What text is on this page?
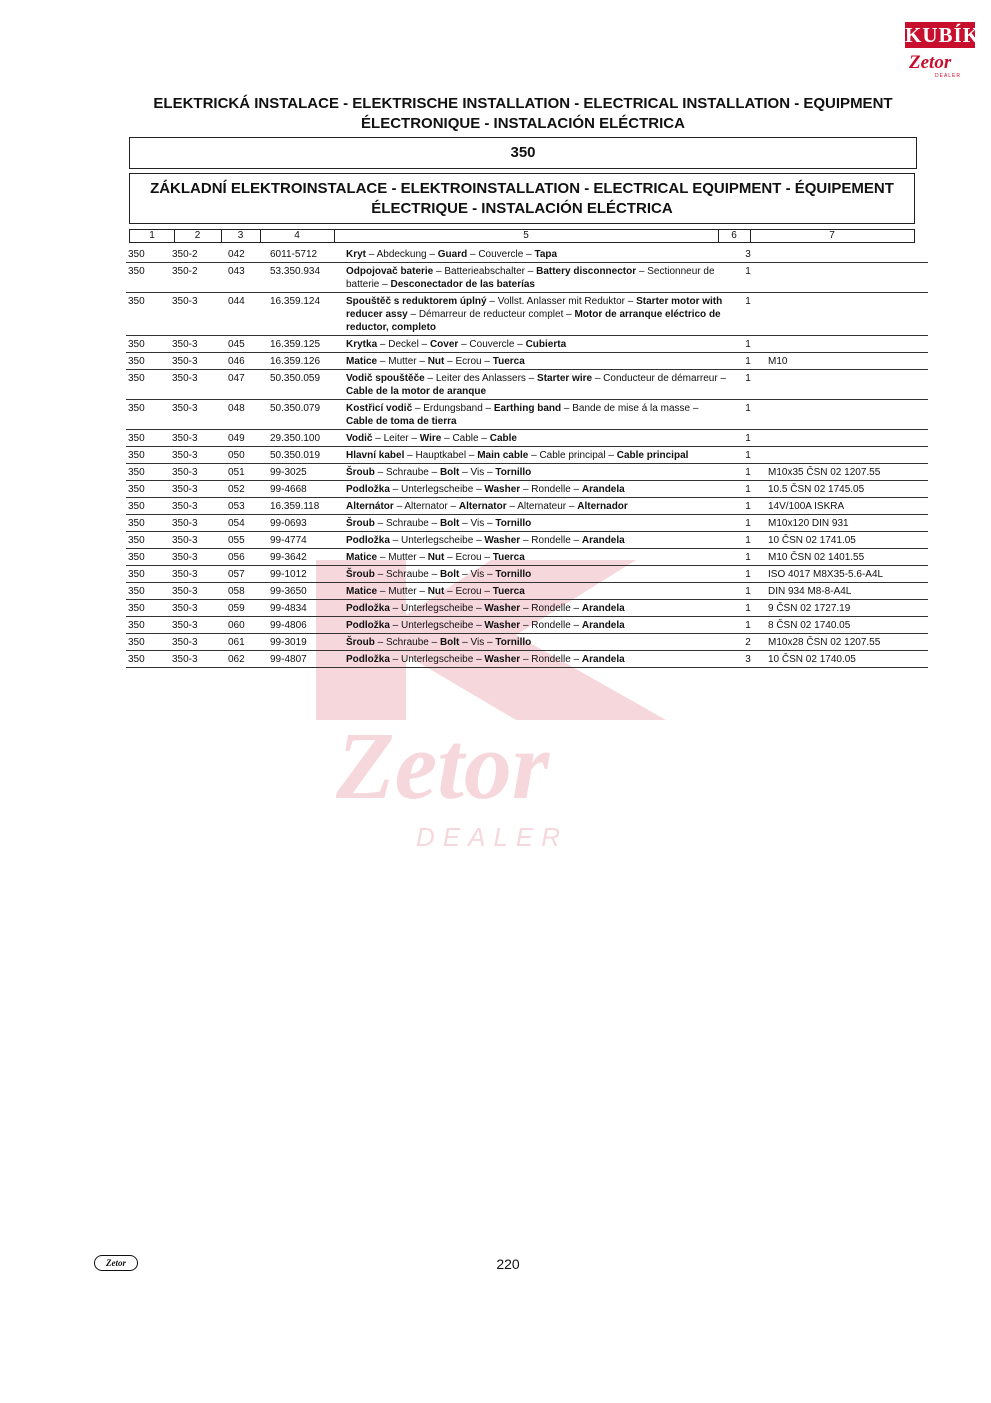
KUBÍK
Zetor
DEALER
Zetor
DEALER
ELEKTRICKÁ INSTALACE - ELEKTRISCHE INSTALLATION - ELECTRICAL INSTALLATION - EQUIPMENT
ÉLECTRONIQUE - INSTALACIÓN ELÉCTRICA
350
ZÁKLADNÍ ELEKTROINSTALACE - ELEKTROINSTALLATION - ELECTRICAL EQUIPMENT - ÉQUIPEMENT
ÉLECTRIQUE - INSTALACIÓN ELÉCTRICA
1	2	3	4	5	6	7
350	350-2	042	6011-5712	Kryt – Abdeckung – Guard – Couvercle – Tapa	3	
350	350-2	043	53.350.934	Odpojovač baterie – Batterieabschalter – Battery disconnector – Sectionneur de batterie – Desconectador de las baterías	1	
350	350-3	044	16.359.124	Spouštěč s reduktorem úplný – Vollst. Anlasser mit Reduktor – Starter motor with reducer assy – Démarreur de reducteur complet – Motor de arranque eléctrico de reductor, completo	1	
350	350-3	045	16.359.125	Krytka – Deckel – Cover – Couvercle – Cubierta	1	
350	350-3	046	16.359.126	Matice – Mutter – Nut – Ecrou – Tuerca	1	M10
350	350-3	047	50.350.059	Vodič spouštěče – Leiter des Anlassers – Starter wire – Conducteur de démarreur – Cable de la motor de aranque	1	
350	350-3	048	50.350.079	Kostřicí vodič – Erdungsband – Earthing band – Bande de mise á la masse – Cable de toma de tierra	1	
350	350-3	049	29.350.100	Vodič – Leiter – Wire – Cable – Cable	1	
350	350-3	050	50.350.019	Hlavní kabel – Hauptkabel – Main cable – Cable principal – Cable principal	1	
350	350-3	051	99-3025	Šroub – Schraube – Bolt – Vis – Tornillo	1	M10x35 ČSN 02 1207.55
350	350-3	052	99-4668	Podložka – Unterlegscheibe – Washer – Rondelle – Arandela	1	10.5 ČSN 02 1745.05
350	350-3	053	16.359.118	Alternátor – Alternator – Alternator – Alternateur – Alternador	1	14V/100A ISKRA
350	350-3	054	99-0693	Šroub – Schraube – Bolt – Vis – Tornillo	1	M10x120 DIN 931
350	350-3	055	99-4774	Podložka – Unterlegscheibe – Washer – Rondelle – Arandela	1	10 ČSN 02 1741.05
350	350-3	056	99-3642	Matice – Mutter – Nut – Ecrou – Tuerca	1	M10 ČSN 02 1401.55
350	350-3	057	99-1012	Šroub – Schraube – Bolt – Vis – Tornillo	1	ISO 4017 M8X35-5.6-A4L
350	350-3	058	99-3650	Matice – Mutter – Nut – Ecrou – Tuerca	1	DIN 934 M8-8-A4L
350	350-3	059	99-4834	Podložka – Unterlegscheibe – Washer – Rondelle – Arandela	1	9 ČSN 02 1727.19
350	350-3	060	99-4806	Podložka – Unterlegscheibe – Washer – Rondelle – Arandela	1	8 ČSN 02 1740.05
350	350-3	061	99-3019	Šroub – Schraube – Bolt – Vis – Tornillo	2	M10x28 ČSN 02 1207.55
350	350-3	062	99-4807	Podložka – Unterlegscheibe – Washer – Rondelle – Arandela	3	10 ČSN 02 1740.05
Zetor	220
